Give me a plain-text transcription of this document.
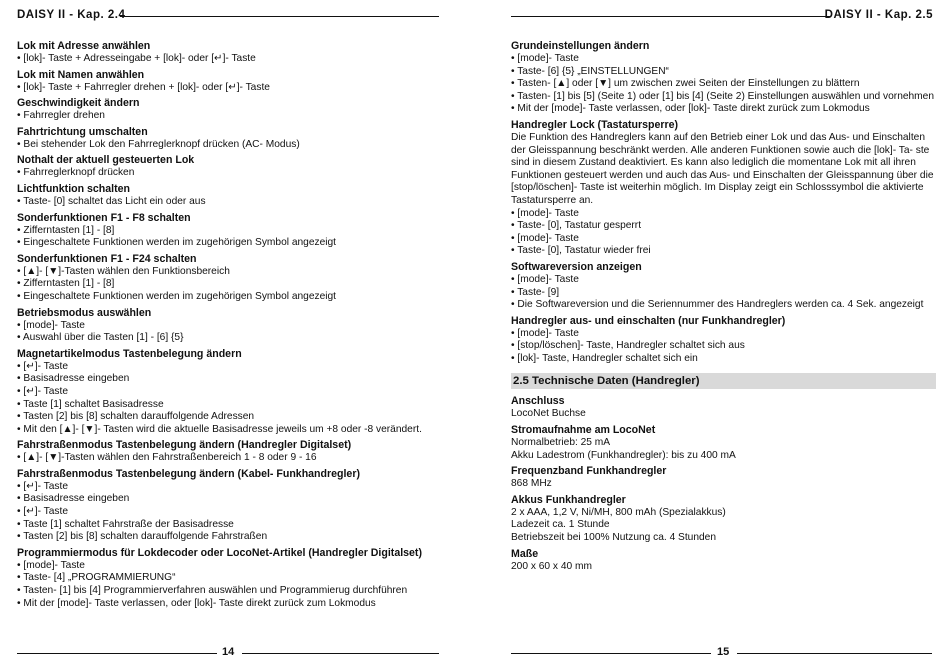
DAISY II - Kap. 2.4
Lok mit Adresse anwählen
• [lok]- Taste + Adresseingabe + [lok]- oder [↵]- Taste
Lok mit Namen anwählen
• [lok]- Taste + Fahrregler drehen + [lok]- oder [↵]- Taste
Geschwindigkeit ändern
• Fahrregler drehen
Fahrtrichtung umschalten
• Bei stehender Lok den Fahrreglerknopf drücken (AC- Modus)
Nothalt der aktuell gesteuerten Lok
• Fahrreglerknopf drücken
Lichtfunktion schalten
• Taste- [0] schaltet das Licht ein oder aus
Sonderfunktionen F1 - F8 schalten
• Zifferntasten [1] - [8]
• Eingeschaltete Funktionen werden im zugehörigen Symbol angezeigt
Sonderfunktionen F1 - F24 schalten
• [▲]- [▼]-Tasten wählen den Funktionsbereich
• Zifferntasten [1] - [8]
• Eingeschaltete Funktionen werden im zugehörigen Symbol angezeigt
Betriebsmodus auswählen
• [mode]- Taste
• Auswahl über die Tasten [1] - [6] {5}
Magnetartikelmodus Tastenbelegung ändern
• [↵]- Taste
• Basisadresse eingeben
• [↵]- Taste
• Taste [1] schaltet Basisadresse
• Tasten [2] bis [8] schalten darauffolgende Adressen
• Mit den [▲]- [▼]- Tasten wird die aktuelle Basisadresse jeweils um +8 oder -8 verändert.
Fahrstraßenmodus Tastenbelegung ändern (Handregler Digitalset)
• [▲]- [▼]-Tasten wählen den Fahrstraßenbereich 1 - 8 oder 9 - 16
Fahrstraßenmodus Tastenbelegung ändern (Kabel- Funkhandregler)
• [↵]- Taste
• Basisadresse eingeben
• [↵]- Taste
• Taste [1] schaltet Fahrstraße der Basisadresse
• Tasten [2] bis [8] schalten darauffolgende Fahrstraßen
Programmiermodus für Lokdecoder oder LocoNet-Artikel (Handregler Digitalset)
• [mode]- Taste
• Taste- [4] „PROGRAMMIERUNG“
• Tasten- [1] bis [4] Programmierverfahren auswählen und Programmierug durchführen
• Mit der [mode]- Taste verlassen, oder [lok]- Taste direkt zurück zum Lokmodus
14
DAISY II - Kap. 2.5
Grundeinstellungen ändern
• [mode]- Taste
• Taste- [6] {5} „EINSTELLUNGEN“
• Tasten- [▲] oder [▼] um zwischen zwei Seiten der Einstellungen zu blättern
• Tasten- [1] bis [5] (Seite 1) oder [1] bis [4] (Seite 2) Einstellungen auswählen und vornehmen
• Mit der [mode]- Taste verlassen, oder [lok]- Taste direkt zurück zum Lokmodus
Handregler Lock (Tastatursperre)
Die Funktion des Handreglers kann auf den Betrieb einer Lok und das Aus- und Einschalten der Gleisspannung beschränkt werden. Alle anderen Funktionen sowie auch die [lok]- Ta- ste sind in diesem Zustand deaktiviert. Es kann also lediglich die momentane Lok mit all ihren Funktionen gesteuert werden und auch das Aus- und Einschalten der Gleisspannung über die [stop/löschen]- Taste ist weiterhin möglich. Im Display zeigt ein Schlosssymbol die aktivierte Tastatursperre an.
• [mode]- Taste
• Taste- [0], Tastatur gesperrt
• [mode]- Taste
• Taste- [0], Tastatur wieder frei
Softwareversion anzeigen
• [mode]- Taste
• Taste- [9]
• Die Softwareversion und die Seriennummer des Handreglers werden ca. 4 Sek. angezeigt
Handregler aus- und einschalten (nur Funkhandregler)
• [mode]- Taste
• [stop/löschen]- Taste, Handregler schaltet sich aus
• [lok]- Taste, Handregler schaltet sich ein
2.5 Technische Daten (Handregler)
Anschluss
LocoNet Buchse
Stromaufnahme am LocoNet
Normalbetrieb: 25 mA
Akku Ladestrom (Funkhandregler): bis zu 400 mA
Frequenzband Funkhandregler
868 MHz
Akkus Funkhandregler
2 x AAA, 1,2 V, Ni/MH, 800 mAh (Spezialakkus)
Ladezeit ca. 1 Stunde
Betriebszeit bei 100% Nutzung ca. 4 Stunden
Maße
200 x 60 x 40 mm
15
